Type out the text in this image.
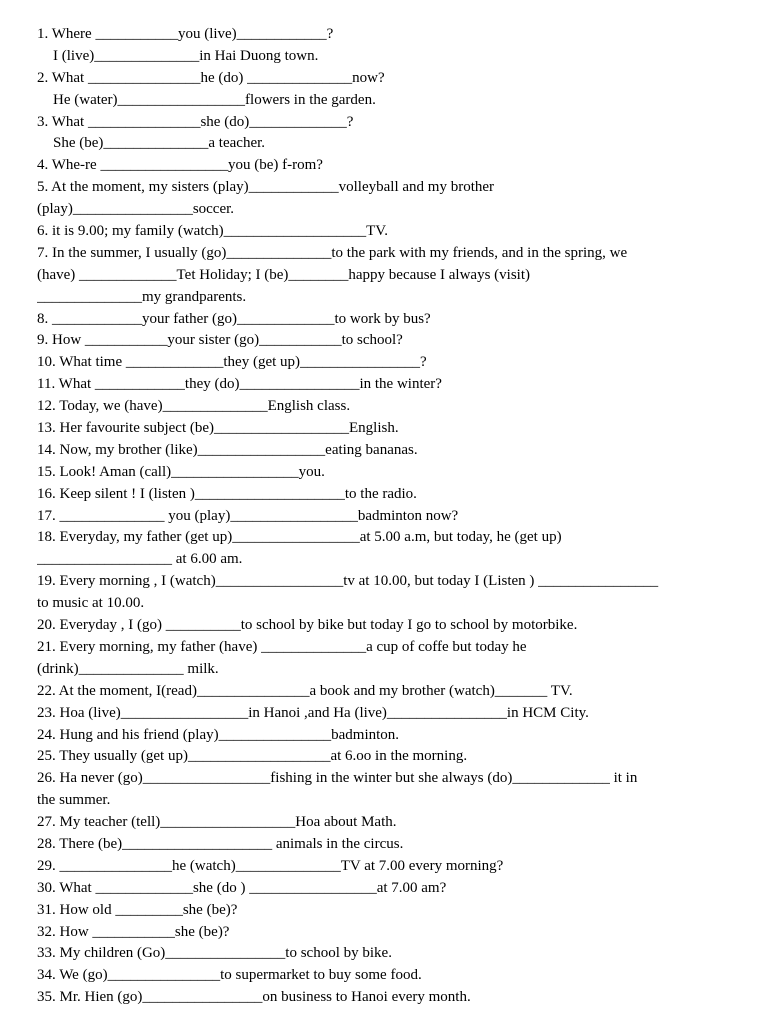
1. Where ___________you (live)____________?
I (live)______________in Hai Duong town.
2. What _______________he (do) ______________now?
He (water)_________________flowers in the garden.
3. What _______________she (do)_____________?
She (be)______________a teacher.
4. Whe-re _________________you (be) f-rom?
5. At the moment, my sisters (play)____________volleyball and my brother
(play)________________soccer.
6. it is 9.00; my family (watch)___________________TV.
7. In the summer, I usually (go)______________to the park with my friends, and in the spring, we
(have) _____________Tet Holiday; I (be)________happy because I always (visit)
______________my grandparents.
8. ____________your father (go)_____________to work by bus?
9. How ___________your sister (go)___________to school?
10. What time _____________they (get up)________________?
11. What ____________they (do)________________in the winter?
12. Today, we (have)______________English class.
13. Her favourite subject (be)__________________English.
14. Now, my brother (like)_________________eating bananas.
15. Look! Aman (call)_________________you.
16. Keep silent ! I (listen )____________________to the radio.
17. ______________ you (play)_________________badminton now?
18. Everyday, my father (get up)_________________at 5.00 a.m, but today, he (get up)
__________________ at 6.00 am.
19. Every morning , I (watch)_________________tv at 10.00, but today I (Listen ) ________________
to music at 10.00.
20. Everyday , I (go) __________to school by bike but today I go to school by motorbike.
21. Every morning, my father (have) ______________a cup of coffe but today he
(drink)______________ milk.
22. At the moment, I(read)_______________a book and my brother (watch)_______ TV.
23. Hoa (live)_________________in Hanoi ,and Ha (live)________________in HCM City.
24. Hung and his friend (play)_______________badminton.
25. They usually (get up)___________________at 6.oo in the morning.
26. Ha never (go)_________________fishing in the winter but she always (do)_____________ it in
the summer.
27. My teacher (tell)__________________Hoa about Math.
28. There (be)____________________ animals in the circus.
29. _______________he (watch)______________TV at 7.00 every morning?
30. What _____________she (do ) _________________at 7.00 am?
31. How old _________she (be)?
32. How ___________she (be)?
33. My children (Go)________________to school by bike.
34. We (go)_______________to supermarket to buy some food.
35. Mr. Hien (go)________________on business to Hanoi every month.
